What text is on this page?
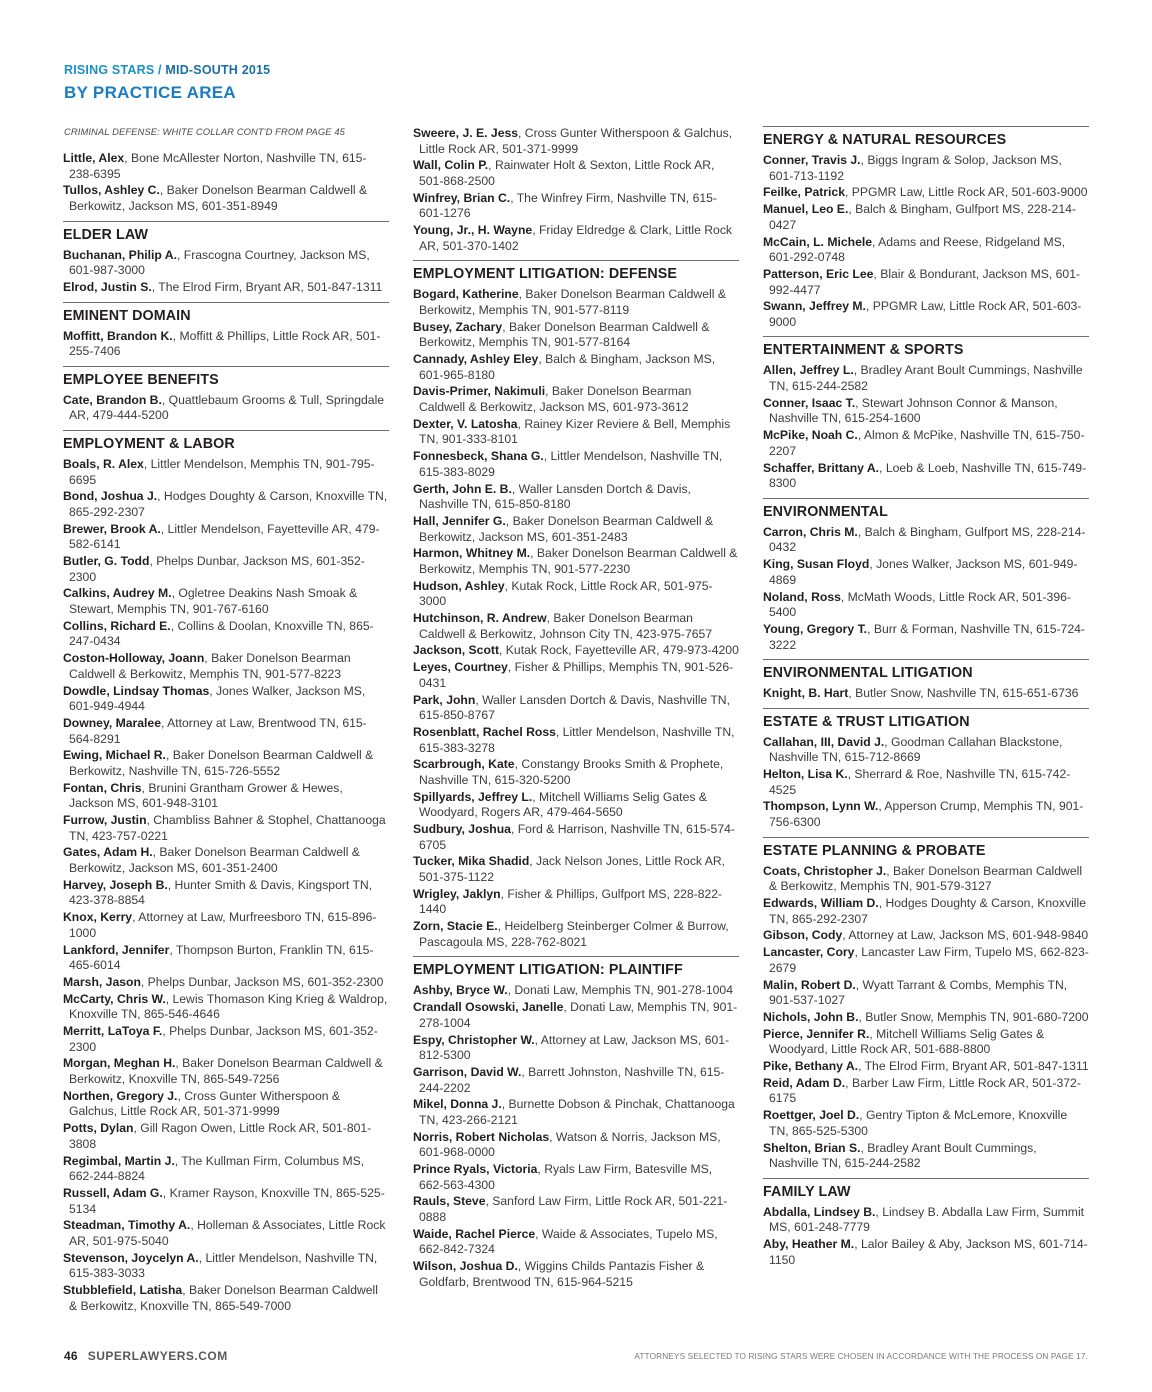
RISING STARS / MID-SOUTH 2015
BY PRACTICE AREA
CRIMINAL DEFENSE: WHITE COLLAR CONT'D FROM PAGE 45
Little, Alex, Bone McAllester Norton, Nashville TN, 615-238-6395
Tullos, Ashley C., Baker Donelson Bearman Caldwell & Berkowitz, Jackson MS, 601-351-8949
ELDER LAW
Buchanan, Philip A., Frascogna Courtney, Jackson MS, 601-987-3000
Elrod, Justin S., The Elrod Firm, Bryant AR, 501-847-1311
EMINENT DOMAIN
Moffitt, Brandon K., Moffitt & Phillips, Little Rock AR, 501-255-7406
EMPLOYEE BENEFITS
Cate, Brandon B., Quattlebaum Grooms & Tull, Springdale AR, 479-444-5200
EMPLOYMENT & LABOR
Boals, R. Alex, Littler Mendelson, Memphis TN, 901-795-6695
Bond, Joshua J., Hodges Doughty & Carson, Knoxville TN, 865-292-2307
Brewer, Brook A., Littler Mendelson, Fayetteville AR, 479-582-6141
Butler, G. Todd, Phelps Dunbar, Jackson MS, 601-352-2300
Calkins, Audrey M., Ogletree Deakins Nash Smoak & Stewart, Memphis TN, 901-767-6160
Collins, Richard E., Collins & Doolan, Knoxville TN, 865-247-0434
Coston-Holloway, Joann, Baker Donelson Bearman Caldwell & Berkowitz, Memphis TN, 901-577-8223
Dowdle, Lindsay Thomas, Jones Walker, Jackson MS, 601-949-4944
Downey, Maralee, Attorney at Law, Brentwood TN, 615-564-8291
Ewing, Michael R., Baker Donelson Bearman Caldwell & Berkowitz, Nashville TN, 615-726-5552
Fontan, Chris, Brunini Grantham Grower & Hewes, Jackson MS, 601-948-3101
Furrow, Justin, Chambliss Bahner & Stophel, Chattanooga TN, 423-757-0221
Gates, Adam H., Baker Donelson Bearman Caldwell & Berkowitz, Jackson MS, 601-351-2400
Harvey, Joseph B., Hunter Smith & Davis, Kingsport TN, 423-378-8854
Knox, Kerry, Attorney at Law, Murfreesboro TN, 615-896-1000
Lankford, Jennifer, Thompson Burton, Franklin TN, 615-465-6014
Marsh, Jason, Phelps Dunbar, Jackson MS, 601-352-2300
McCarty, Chris W., Lewis Thomason King Krieg & Waldrop, Knoxville TN, 865-546-4646
Merritt, LaToya F., Phelps Dunbar, Jackson MS, 601-352-2300
Morgan, Meghan H., Baker Donelson Bearman Caldwell & Berkowitz, Knoxville TN, 865-549-7256
Northen, Gregory J., Cross Gunter Witherspoon & Galchus, Little Rock AR, 501-371-9999
Potts, Dylan, Gill Ragon Owen, Little Rock AR, 501-801-3808
Regimbal, Martin J., The Kullman Firm, Columbus MS, 662-244-8824
Russell, Adam G., Kramer Rayson, Knoxville TN, 865-525-5134
Steadman, Timothy A., Holleman & Associates, Little Rock AR, 501-975-5040
Stevenson, Joycelyn A., Littler Mendelson, Nashville TN, 615-383-3033
Stubblefield, Latisha, Baker Donelson Bearman Caldwell & Berkowitz, Knoxville TN, 865-549-7000
Sweere, J. E. Jess, Cross Gunter Witherspoon & Galchus, Little Rock AR, 501-371-9999
Wall, Colin P., Rainwater Holt & Sexton, Little Rock AR, 501-868-2500
Winfrey, Brian C., The Winfrey Firm, Nashville TN, 615-601-1276
Young, Jr., H. Wayne, Friday Eldredge & Clark, Little Rock AR, 501-370-1402
EMPLOYMENT LITIGATION: DEFENSE
Bogard, Katherine, Baker Donelson Bearman Caldwell & Berkowitz, Memphis TN, 901-577-8119
Busey, Zachary, Baker Donelson Bearman Caldwell & Berkowitz, Memphis TN, 901-577-8164
Cannady, Ashley Eley, Balch & Bingham, Jackson MS, 601-965-8180
Davis-Primer, Nakimuli, Baker Donelson Bearman Caldwell & Berkowitz, Jackson MS, 601-973-3612
Dexter, V. Latosha, Rainey Kizer Reviere & Bell, Memphis TN, 901-333-8101
Fonnesbeck, Shana G., Littler Mendelson, Nashville TN, 615-383-8029
Gerth, John E. B., Waller Lansden Dortch & Davis, Nashville TN, 615-850-8180
Hall, Jennifer G., Baker Donelson Bearman Caldwell & Berkowitz, Jackson MS, 601-351-2483
Harmon, Whitney M., Baker Donelson Bearman Caldwell & Berkowitz, Memphis TN, 901-577-2230
Hudson, Ashley, Kutak Rock, Little Rock AR, 501-975-3000
Hutchinson, R. Andrew, Baker Donelson Bearman Caldwell & Berkowitz, Johnson City TN, 423-975-7657
Jackson, Scott, Kutak Rock, Fayetteville AR, 479-973-4200
Leyes, Courtney, Fisher & Phillips, Memphis TN, 901-526-0431
Park, John, Waller Lansden Dortch & Davis, Nashville TN, 615-850-8767
Rosenblatt, Rachel Ross, Littler Mendelson, Nashville TN, 615-383-3278
Scarbrough, Kate, Constangy Brooks Smith & Prophete, Nashville TN, 615-320-5200
Spillyards, Jeffrey L., Mitchell Williams Selig Gates & Woodyard, Rogers AR, 479-464-5650
Sudbury, Joshua, Ford & Harrison, Nashville TN, 615-574-6705
Tucker, Mika Shadid, Jack Nelson Jones, Little Rock AR, 501-375-1122
Wrigley, Jaklyn, Fisher & Phillips, Gulfport MS, 228-822-1440
Zorn, Stacie E., Heidelberg Steinberger Colmer & Burrow, Pascagoula MS, 228-762-8021
EMPLOYMENT LITIGATION: PLAINTIFF
Ashby, Bryce W., Donati Law, Memphis TN, 901-278-1004
Crandall Osowski, Janelle, Donati Law, Memphis TN, 901-278-1004
Espy, Christopher W., Attorney at Law, Jackson MS, 601-812-5300
Garrison, David W., Barrett Johnston, Nashville TN, 615-244-2202
Mikel, Donna J., Burnette Dobson & Pinchak, Chattanooga TN, 423-266-2121
Norris, Robert Nicholas, Watson & Norris, Jackson MS, 601-968-0000
Prince Ryals, Victoria, Ryals Law Firm, Batesville MS, 662-563-4300
Rauls, Steve, Sanford Law Firm, Little Rock AR, 501-221-0888
Waide, Rachel Pierce, Waide & Associates, Tupelo MS, 662-842-7324
Wilson, Joshua D., Wiggins Childs Pantazis Fisher & Goldfarb, Brentwood TN, 615-964-5215
ENERGY & NATURAL RESOURCES
Conner, Travis J., Biggs Ingram & Solop, Jackson MS, 601-713-1192
Feilke, Patrick, PPGMR Law, Little Rock AR, 501-603-9000
Manuel, Leo E., Balch & Bingham, Gulfport MS, 228-214-0427
McCain, L. Michele, Adams and Reese, Ridgeland MS, 601-292-0748
Patterson, Eric Lee, Blair & Bondurant, Jackson MS, 601-992-4477
Swann, Jeffrey M., PPGMR Law, Little Rock AR, 501-603-9000
ENTERTAINMENT & SPORTS
Allen, Jeffrey L., Bradley Arant Boult Cummings, Nashville TN, 615-244-2582
Conner, Isaac T., Stewart Johnson Connor & Manson, Nashville TN, 615-254-1600
McPike, Noah C., Almon & McPike, Nashville TN, 615-750-2207
Schaffer, Brittany A., Loeb & Loeb, Nashville TN, 615-749-8300
ENVIRONMENTAL
Carron, Chris M., Balch & Bingham, Gulfport MS, 228-214-0432
King, Susan Floyd, Jones Walker, Jackson MS, 601-949-4869
Noland, Ross, McMath Woods, Little Rock AR, 501-396-5400
Young, Gregory T., Burr & Forman, Nashville TN, 615-724-3222
ENVIRONMENTAL LITIGATION
Knight, B. Hart, Butler Snow, Nashville TN, 615-651-6736
ESTATE & TRUST LITIGATION
Callahan, III, David J., Goodman Callahan Blackstone, Nashville TN, 615-712-8669
Helton, Lisa K., Sherrard & Roe, Nashville TN, 615-742-4525
Thompson, Lynn W., Apperson Crump, Memphis TN, 901-756-6300
ESTATE PLANNING & PROBATE
Coats, Christopher J., Baker Donelson Bearman Caldwell & Berkowitz, Memphis TN, 901-579-3127
Edwards, William D., Hodges Doughty & Carson, Knoxville TN, 865-292-2307
Gibson, Cody, Attorney at Law, Jackson MS, 601-948-9840
Lancaster, Cory, Lancaster Law Firm, Tupelo MS, 662-823-2679
Malin, Robert D., Wyatt Tarrant & Combs, Memphis TN, 901-537-1027
Nichols, John B., Butler Snow, Memphis TN, 901-680-7200
Pierce, Jennifer R., Mitchell Williams Selig Gates & Woodyard, Little Rock AR, 501-688-8800
Pike, Bethany A., The Elrod Firm, Bryant AR, 501-847-1311
Reid, Adam D., Barber Law Firm, Little Rock AR, 501-372-6175
Roettger, Joel D., Gentry Tipton & McLemore, Knoxville TN, 865-525-5300
Shelton, Brian S., Bradley Arant Boult Cummings, Nashville TN, 615-244-2582
FAMILY LAW
Abdalla, Lindsey B., Lindsey B. Abdalla Law Firm, Summit MS, 601-248-7779
Aby, Heather M., Lalor Bailey & Aby, Jackson MS, 601-714-1150
46 SUPERLAWYERS.COM	ATTORNEYS SELECTED TO RISING STARS WERE CHOSEN IN ACCORDANCE WITH THE PROCESS ON PAGE 17.
